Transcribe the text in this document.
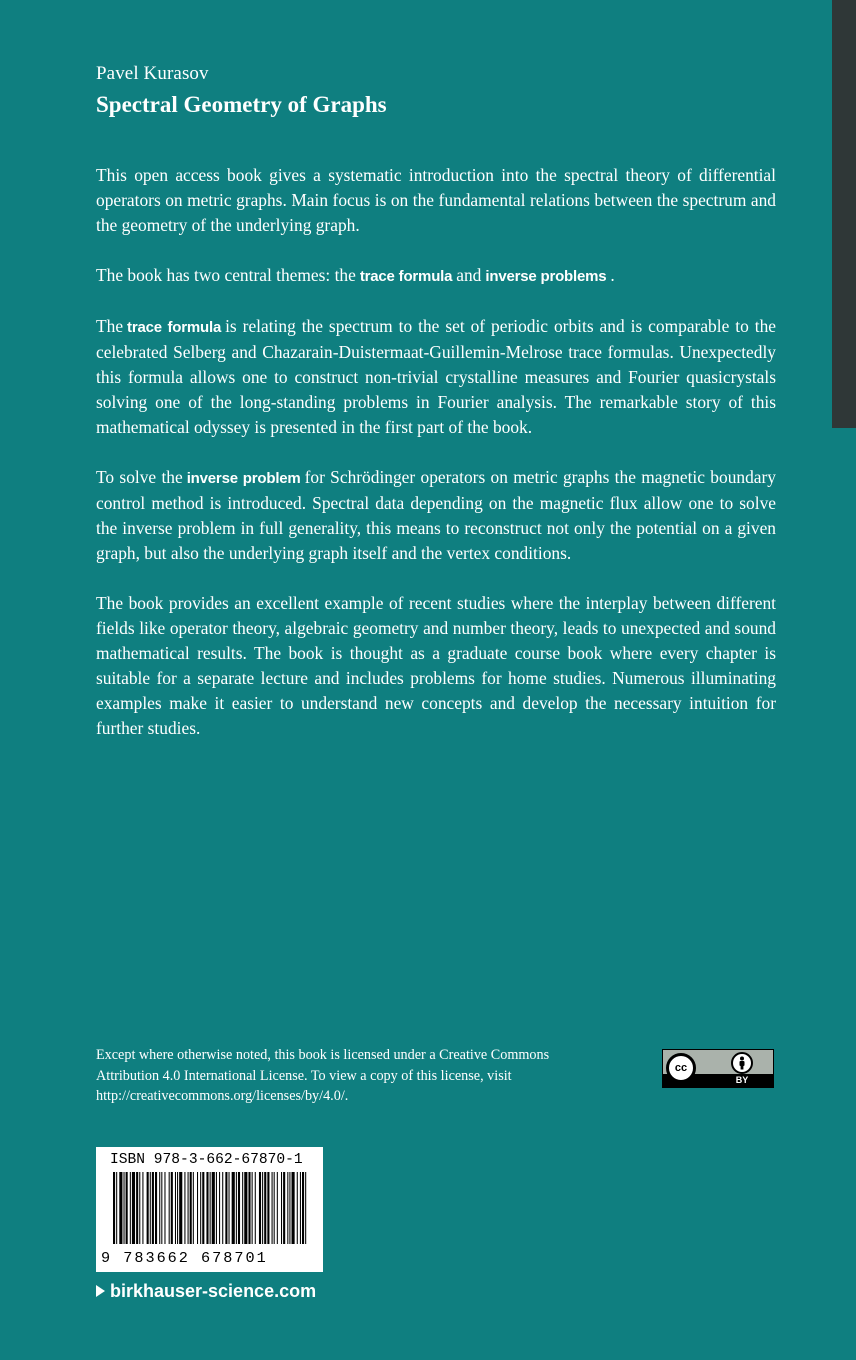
Pavel Kurasov
Spectral Geometry of Graphs

This open access book gives a systematic introduction into the spectral theory of differential operators on metric graphs. Main focus is on the fundamental relations between the spectrum and the geometry of the underlying graph.

The book has two central themes: the trace formula and inverse problems .

The trace formula is relating the spectrum to the set of periodic orbits and is comparable to the celebrated Selberg and Chazarain-Duistermaat-Guillemin-Melrose trace formulas. Unexpectedly this formula allows one to construct non-trivial crystalline measures and Fourier quasicrystals solving one of the long-standing problems in Fourier analysis. The remarkable story of this mathematical odyssey is presented in the first part of the book.

To solve the inverse problem for Schrödinger operators on metric graphs the magnetic boundary control method is introduced. Spectral data depending on the magnetic flux allow one to solve the inverse problem in full generality, this means to reconstruct not only the potential on a given graph, but also the underlying graph itself and the vertex conditions.

The book provides an excellent example of recent studies where the interplay between different fields like operator theory, algebraic geometry and number theory, leads to unexpected and sound mathematical results. The book is thought as a graduate course book where every chapter is suitable for a separate lecture and includes problems for home studies. Numerous illuminating examples make it easier to understand new concepts and develop the necessary intuition for further studies.

Except where otherwise noted, this book is licensed under a Creative Commons Attribution 4.0 International License. To view a copy of this license, visit http://creativecommons.org/licenses/by/4.0/.
cc
BY
ISBN 978-3-662-67870-1
9 783662 678701
birkhauser-science.com
